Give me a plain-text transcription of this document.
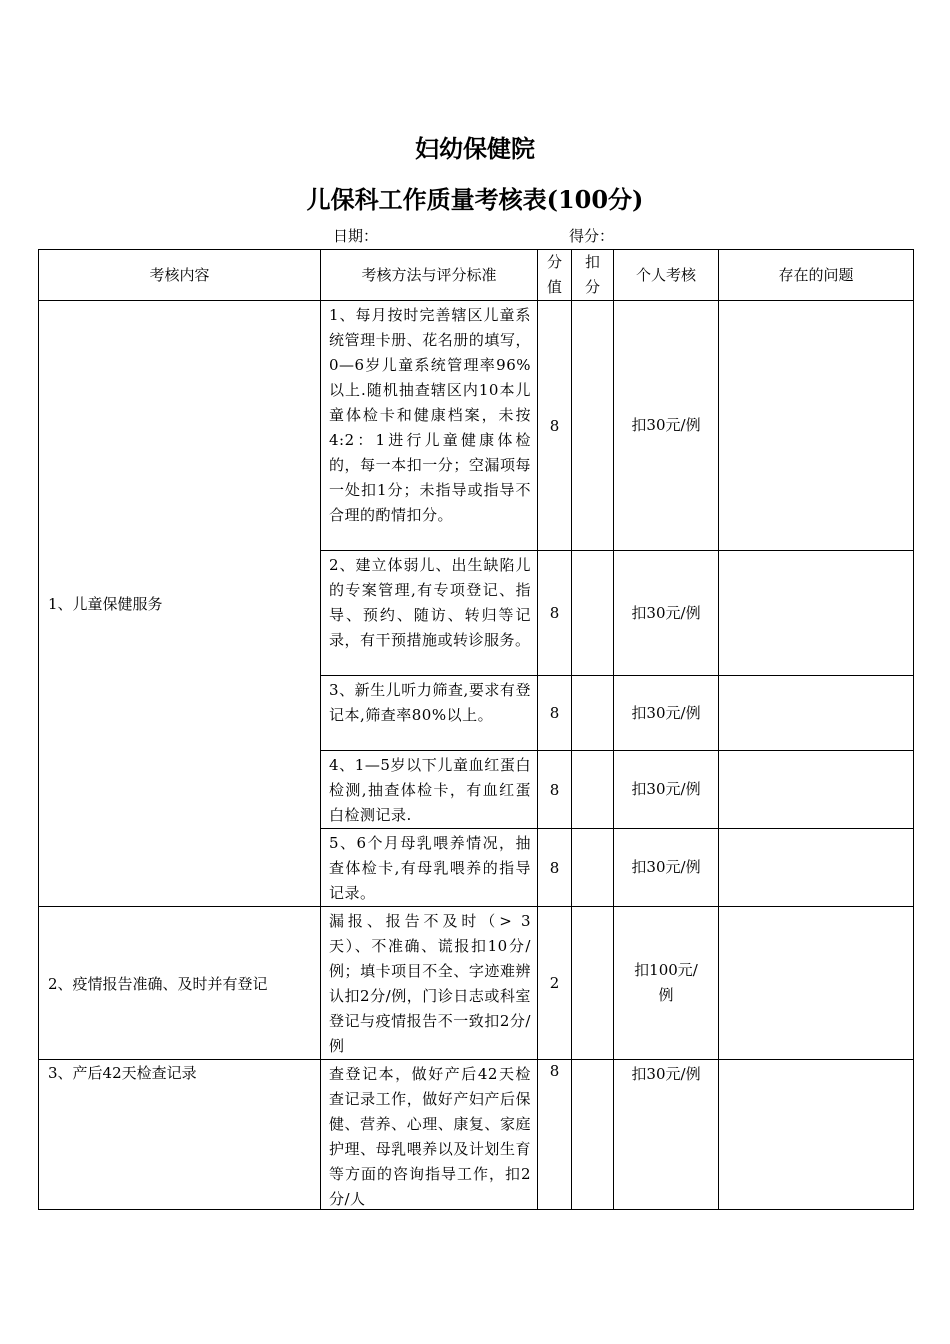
妇幼保健院
儿保科工作质量考核表(100分)
日期：	得分：
考核内容	考核方法与评分标准	分值	扣分	个人考核	存在的问题
1、儿童保健服务	1、每月按时完善辖区儿童系统管理卡册、花名册的填写，0—6岁儿童系统管理率96%以上.随机抽查辖区内10本儿童体检卡和健康档案，未按4:2：1进行儿童健康体检的，每一本扣一分；空漏项每一处扣1分；未指导或指导不合理的酌情扣分。	8		扣30元/例	
	2、建立体弱儿、出生缺陷儿的专案管理,有专项登记、指导、预约、随访、转归等记录，有干预措施或转诊服务。	8		扣30元/例	
	3、新生儿听力筛查,要求有登记本,筛查率80%以上。	8		扣30元/例	
	4、1—5岁以下儿童血红蛋白检测,抽查体检卡，有血红蛋白检测记录.	8		扣30元/例	
	5、6个月母乳喂养情况，抽查体检卡,有母乳喂养的指导记录。	8		扣30元/例	
2、疫情报告准确、及时并有登记	漏报、报告不及时（> 3天）、不准确、谎报扣10分/例；填卡项目不全、字迹难辨认扣2分/例，门诊日志或科室登记与疫情报告不一致扣2分/例	2		扣100元/例	

3、产后42天检查记录	查登记本，做好产后42天检查记录工作，做好产妇产后保健、营养、心理、康复、家庭护理、母乳喂养以及计划生育等方面的咨询指导工作，扣2分/人	8		扣30元/例	
